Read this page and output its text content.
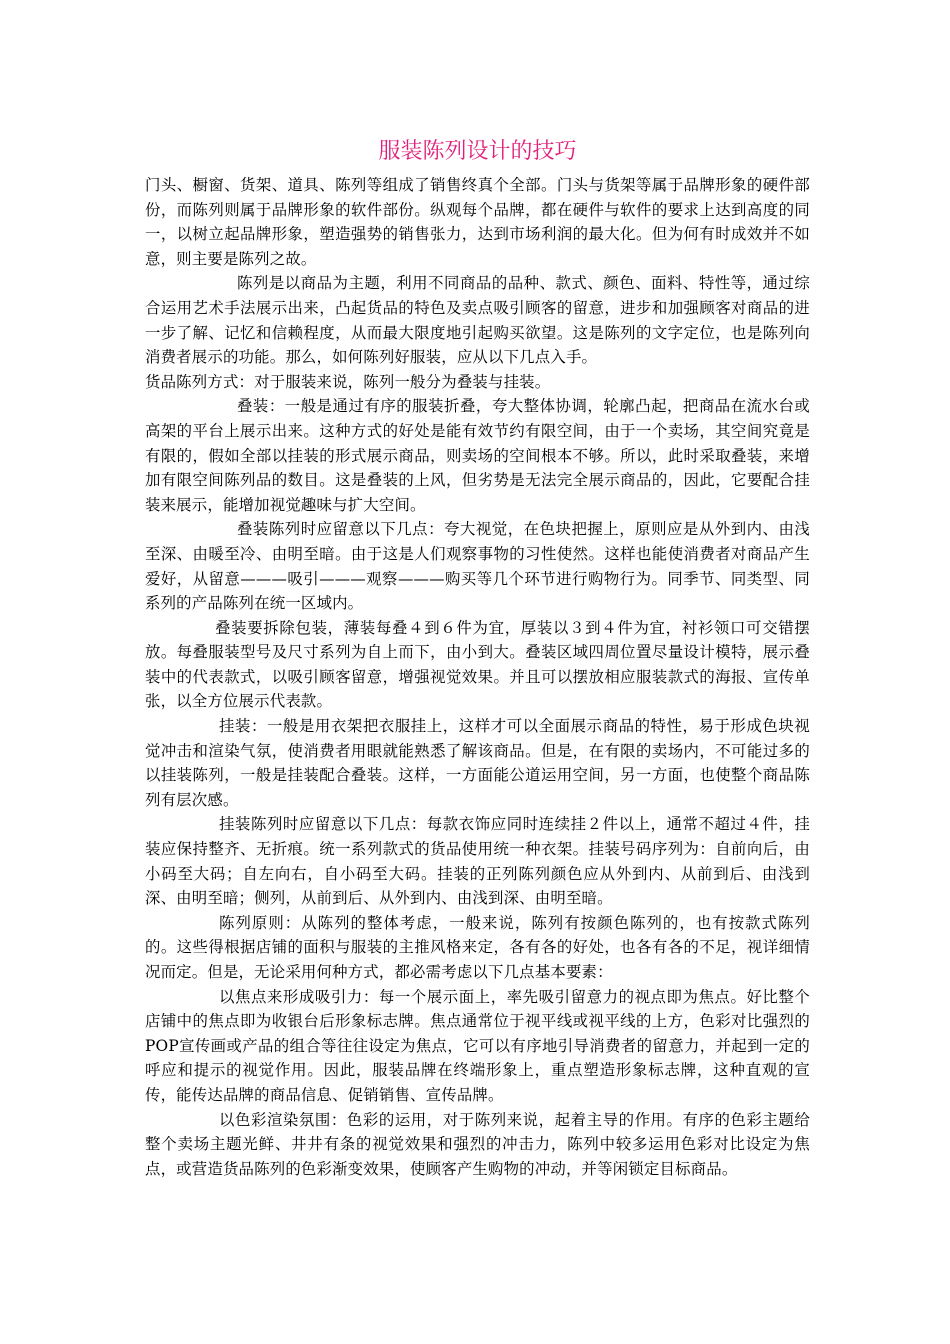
服装陈列设计的技巧

门头、橱窗、货架、道具、陈列等组成了销售终真个全部。门头与货架等属于品牌形象的硬件部份，而陈列则属于品牌形象的软件部份。纵观每个品牌，都在硬件与软件的要求上达到高度的同一，以树立起品牌形象，塑造强势的销售张力，达到市场利润的最大化。但为何有时成效并不如意，则主要是陈列之故。

陈列是以商品为主题，利用不同商品的品种、款式、颜色、面料、特性等，通过综合运用艺术手法展示出来，凸起货品的特色及卖点吸引顾客的留意，进步和加强顾客对商品的进一步了解、记忆和信赖程度，从而最大限度地引起购买欲望。这是陈列的文字定位，也是陈列向消费者展示的功能。那么，如何陈列好服装，应从以下几点入手。

货品陈列方式：对于服装来说，陈列一般分为叠装与挂装。

叠装：一般是通过有序的服装折叠，夸大整体协调，轮廓凸起，把商品在流水台或高架的平台上展示出来。这种方式的好处是能有效节约有限空间，由于一个卖场，其空间究竟是有限的，假如全部以挂装的形式展示商品，则卖场的空间根本不够。所以，此时采取叠装，来增加有限空间陈列品的数目。这是叠装的上风，但劣势是无法完全展示商品的，因此，它要配合挂装来展示，能增加视觉趣味与扩大空间。

叠装陈列时应留意以下几点：夸大视觉，在色块把握上，原则应是从外到内、由浅至深、由暖至冷、由明至暗。由于这是人们观察事物的习性使然。这样也能使消费者对商品产生爱好，从留意———吸引———观察———购买等几个环节进行购物行为。同季节、同类型、同系列的产品陈列在统一区域内。

叠装要拆除包装，薄装每叠４到６件为宜，厚装以３到４件为宜，衬衫领口可交错摆放。每叠服装型号及尺寸系列为自上而下，由小到大。叠装区域四周位置尽量设计模特，展示叠装中的代表款式，以吸引顾客留意，增强视觉效果。并且可以摆放相应服装款式的海报、宣传单张，以全方位展示代表款。

挂装：一般是用衣架把衣服挂上，这样才可以全面展示商品的特性，易于形成色块视觉冲击和渲染气氛，使消费者用眼就能熟悉了解该商品。但是，在有限的卖场内，不可能过多的以挂装陈列，一般是挂装配合叠装。这样，一方面能公道运用空间，另一方面，也使整个商品陈列有层次感。

挂装陈列时应留意以下几点：每款衣饰应同时连续挂２件以上，通常不超过４件，挂装应保持整齐、无折痕。统一系列款式的货品使用统一种衣架。挂装号码序列为：自前向后，由小码至大码；自左向右，自小码至大码。挂装的正列陈列颜色应从外到内、从前到后、由浅到深、由明至暗；侧列，从前到后、从外到内、由浅到深、由明至暗。

陈列原则：从陈列的整体考虑，一般来说，陈列有按颜色陈列的，也有按款式陈列的。这些得根据店铺的面积与服装的主推风格来定，各有各的好处，也各有各的不足，视详细情况而定。但是，无论采用何种方式，都必需考虑以下几点基本要素：

以焦点来形成吸引力：每一个展示面上，率先吸引留意力的视点即为焦点。好比整个店铺中的焦点即为收银台后形象标志牌。焦点通常位于视平线或视平线的上方，色彩对比强烈的POP宣传画或产品的组合等往往设定为焦点，它可以有序地引导消费者的留意力，并起到一定的呼应和提示的视觉作用。因此，服装品牌在终端形象上，重点塑造形象标志牌，这种直观的宣传，能传达品牌的商品信息、促销销售、宣传品牌。

以色彩渲染氛围：色彩的运用，对于陈列来说，起着主导的作用。有序的色彩主题给整个卖场主题光鲜、井井有条的视觉效果和强烈的冲击力，陈列中较多运用色彩对比设定为焦点，或营造货品陈列的色彩渐变效果，使顾客产生购物的冲动，并等闲锁定目标商品。
